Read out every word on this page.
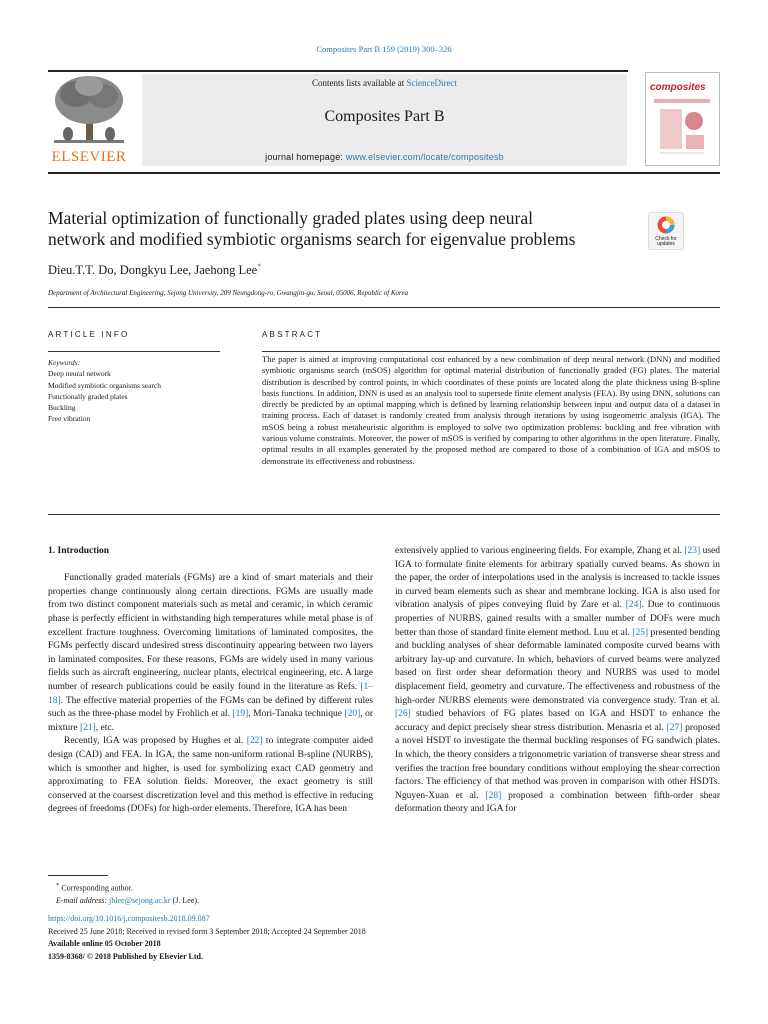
Composites Part B 159 (2019) 300–326
ELSEVIER
Contents lists available at ScienceDirect
Composites Part B
journal homepage: www.elsevier.com/locate/compositesb
composites
Material optimization of functionally graded plates using deep neural
network and modified symbiotic organisms search for eigenvalue problems	Check for updates
Dieu.T.T. Do, Dongkyu Lee, Jaehong Lee*
Department of Architectural Engineering, Sejong University, 209 Neungdong-ro, Gwangjin-gu, Seoul, 05006, Republic of Korea
ARTICLE INFO	ABSTRACT
Keywords:
Deep neural network
Modified symbiotic organisms search
Functionally graded plates
Buckling
Free vibration
The paper is aimed at improving computational cost enhanced by a new combination of deep neural network (DNN) and modified symbiotic organisms search (mSOS) algorithm for optimal material distribution of functionally graded (FG) plates. The material distribution is described by control points, in which coordinates of these points are located along the plate thickness using B-spline basis functions. In addition, DNN is used as an analysis tool to supersede finite element analysis (FEA). By using DNN, solutions can directly be predicted by an optimal mapping which is defined by learning relationship between input and output data of a dataset in training process. Each of dataset is randomly created from analysis through iterations by using isogeometric analysis (IGA). The mSOS being a robust metaheuristic algorithm is employed to solve two optimization problems: buckling and free vibration with various volume constraints. Moreover, the power of mSOS is verified by comparing to other algorithms in the open literature. Finally, optimal results in all examples generated by the proposed method are compared to those of a combination of IGA and mSOS to demonstrate its effectiveness and robustness.

1. Introduction

Functionally graded materials (FGMs) are a kind of smart materials and their properties change continuously along certain directions. FGMs are usually made from two distinct component materials such as metal and ceramic, in which ceramic phase is perfectly efficient in withstanding high temperatures while metal phase is of excellent fracture toughness. Overcoming limitations of laminated composites, the FGMs perfectly discard undesired stress discontinuity appearing between two layers in laminated composites. For these reasons, FGMs are widely used in many various fields such as aircraft engineering, nuclear plants, electrical engineering, etc. A large number of research publications could be easily found in the literature as Refs. [1–18]. The effective material properties of the FGMs can be defined by different rules such as the three-phase model by Frohlich et al. [19], Mori-Tanaka technique [20], or mixture [21], etc.

Recently, IGA was proposed by Hughes et al. [22] to integrate computer aided design (CAD) and FEA. In IGA, the same non-uniform rational B-spline (NURBS), which is smoother and higher, is used for symbolizing exact CAD geometry and approximating to FEA solution fields. Moreover, the exact geometry is still conserved at the coarsest discretization level and this method is effective in reducing degrees of freedoms (DOFs) for high-order elements. Therefore, IGA has been

extensively applied to various engineering fields. For example, Zhang et al. [23] used IGA to formulate finite elements for arbitrary spatially curved beams. As shown in the paper, the order of interpolations used in the analysis is increased to tackle issues in curved beam elements such as shear and membrane locking. IGA is also used for vibration analysis of pipes conveying fluid by Zare et al. [24]. Due to continuous properties of NURBS, gained results with a smaller number of DOFs were much better than those of standard finite element method. Luu et al. [25] presented bending and buckling analyses of shear deformable laminated composite curved beams with arbitrary lay-up and curvature. In which, behaviors of curved beams were analyzed based on first order shear deformation theory and NURBS was used to model displacement field, geometry and curvature. The effectiveness and robustness of the high-order NURBS elements were demonstrated via convergence study. Tran et al. [26] studied behaviors of FG plates based on IGA and HSDT to enhance the accuracy and depict precisely shear stress distribution. Menasria et al. [27] proposed a novel HSDT to investigate the thermal buckling responses of FG sandwich plates. In which, the theory considers a trigonometric variation of transverse shear stress and verifies the traction free boundary conditions without employing the shear correction factors. The efficiency of that method was proven in comparison with other HSDTs. Nguyen-Xuan et al. [28] proposed a combination between fifth-order shear deformation theory and IGA for

* Corresponding author.
E-mail address: jhlee@sejong.ac.kr (J. Lee).
https://doi.org/10.1016/j.compositesb.2018.09.087
Received 25 June 2018; Received in revised form 3 September 2018; Accepted 24 September 2018
Available online 05 October 2018
1359-8368/ © 2018 Published by Elsevier Ltd.
